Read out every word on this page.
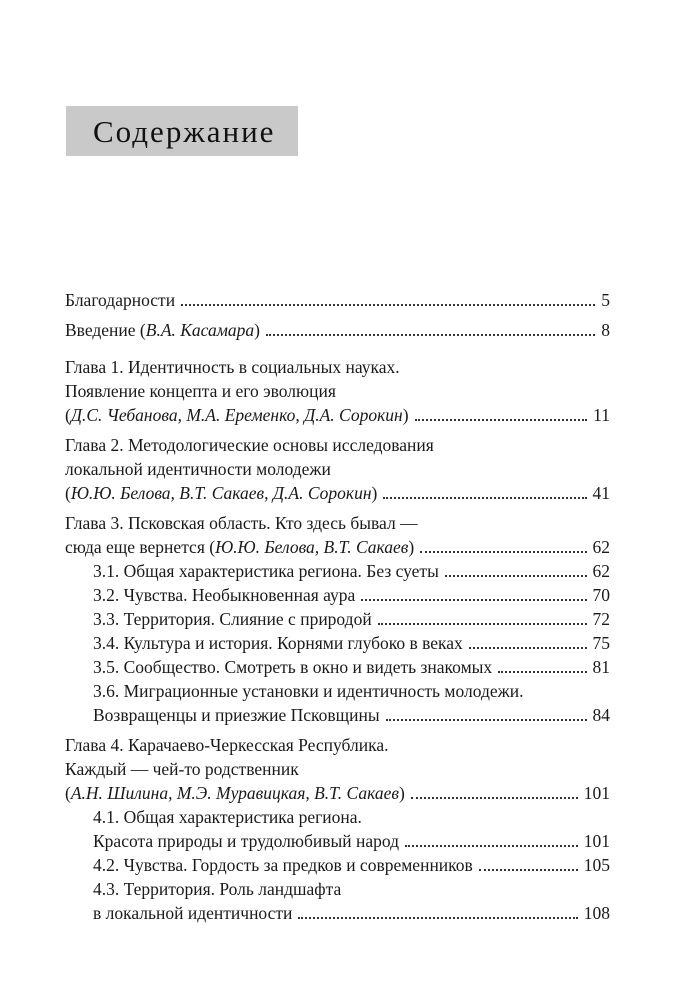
Содержание
Благодарности	5
Введение (В.А. Касамара)	8
Глава 1. Идентичность в социальных науках.
Появление концепта и его эволюция
(Д.С. Чебанова, М.А. Еременко, Д.А. Сорокин)	11
Глава 2. Методологические основы исследования
локальной идентичности молодежи
(Ю.Ю. Белова, В.Т. Сакаев, Д.А. Сорокин)	41
Глава 3. Псковская область. Кто здесь бывал —
сюда еще вернется (Ю.Ю. Белова, В.Т. Сакаев)	62
3.1. Общая характеристика региона. Без суеты	62
3.2. Чувства. Необыкновенная аура	70
3.3. Территория. Слияние с природой	72
3.4. Культура и история. Корнями глубоко в веках	75
3.5. Сообщество. Смотреть в окно и видеть знакомых	81
3.6. Миграционные установки и идентичность молодежи.
Возвращенцы и приезжие Псковщины	84
Глава 4. Карачаево-Черкесская Республика.
Каждый — чей-то родственник
(А.Н. Шилина, М.Э. Муравицкая, В.Т. Сакаев)	101
4.1. Общая характеристика региона.
Красота природы и трудолюбивый народ	101
4.2. Чувства. Гордость за предков и современников	105
4.3. Территория. Роль ландшафта
в локальной идентичности	108
